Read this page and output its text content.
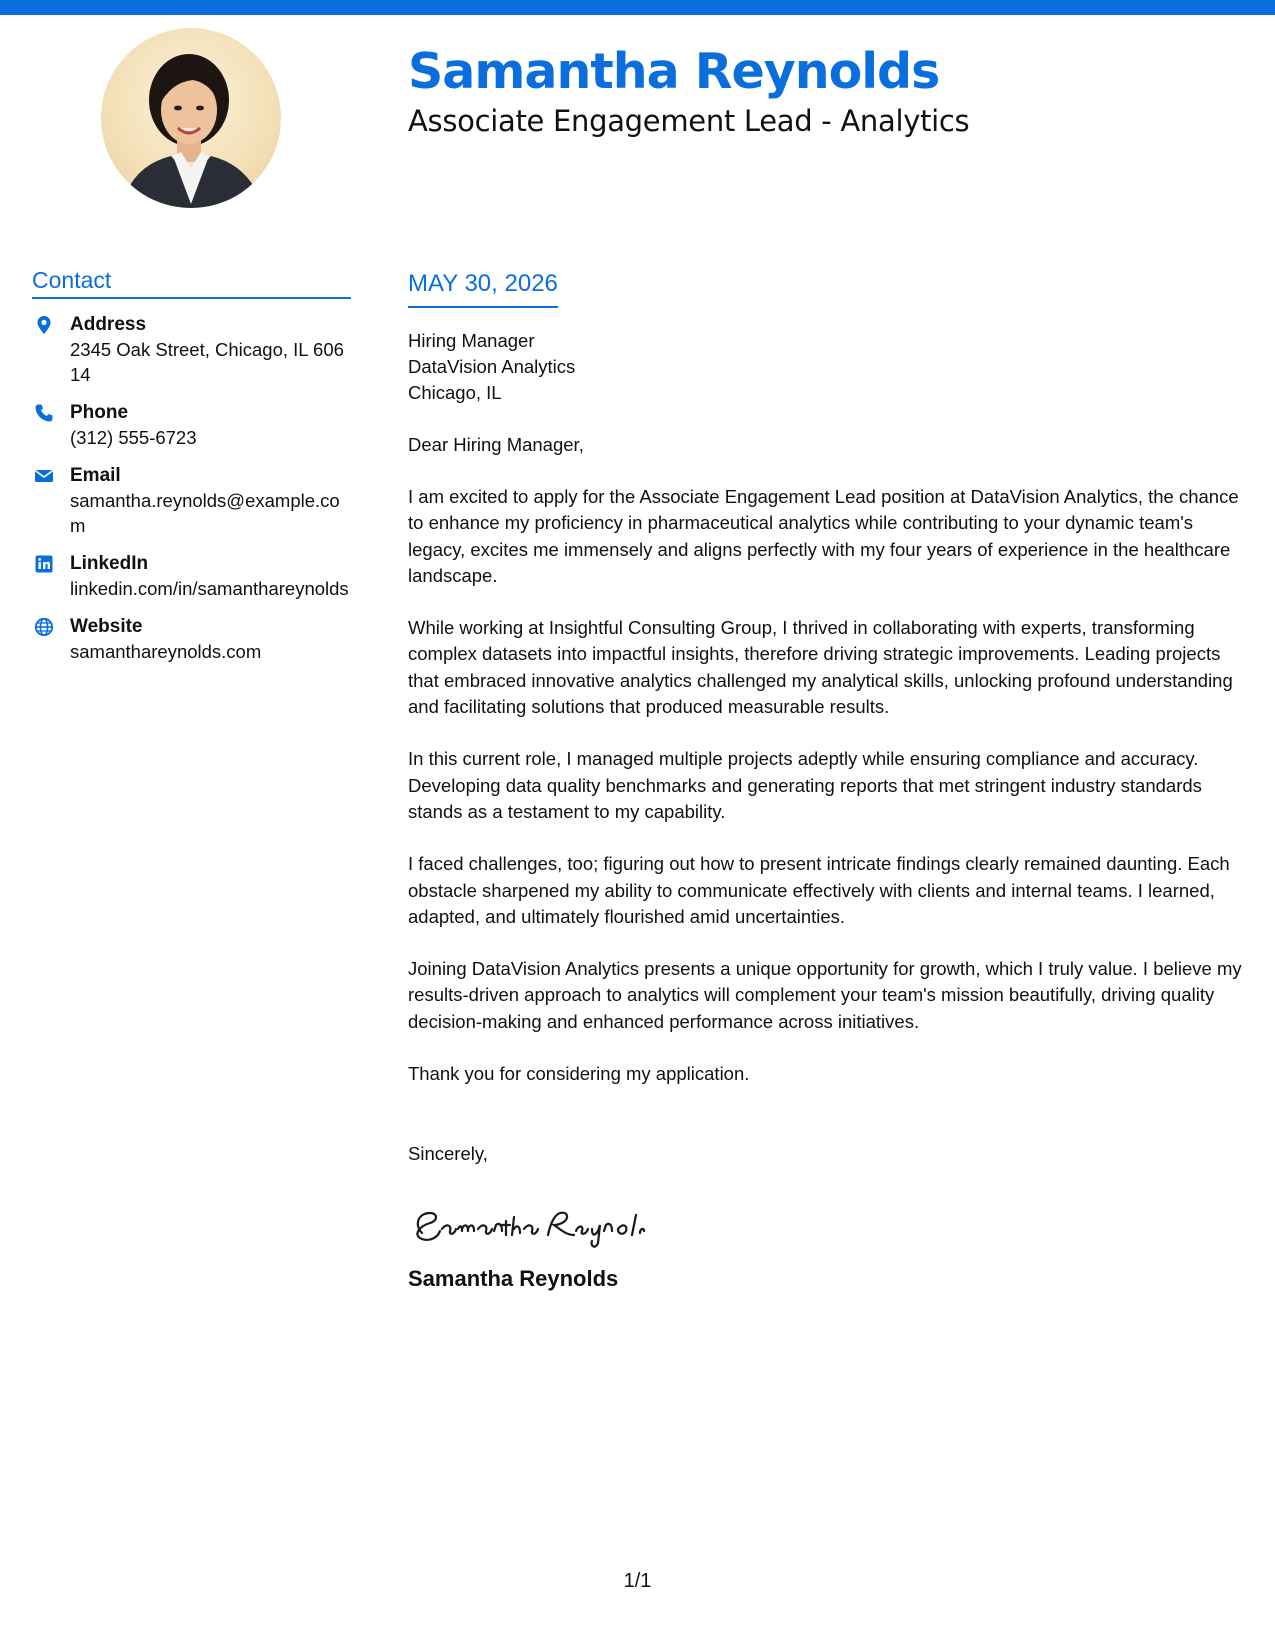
Samantha Reynolds
Associate Engagement Lead - Analytics
Contact
Address
2345 Oak Street, Chicago, IL 60614
Phone
(312) 555-6723
Email
samantha.reynolds@example.com
LinkedIn
linkedin.com/in/samanthareynolds
Website
samanthareynolds.com
MAY 30, 2026
Hiring Manager
DataVision Analytics
Chicago, IL
Dear Hiring Manager,
I am excited to apply for the Associate Engagement Lead position at DataVision Analytics, the chance to enhance my proficiency in pharmaceutical analytics while contributing to your dynamic team's legacy, excites me immensely and aligns perfectly with my four years of experience in the healthcare landscape.
While working at Insightful Consulting Group, I thrived in collaborating with experts, transforming complex datasets into impactful insights, therefore driving strategic improvements. Leading projects that embraced innovative analytics challenged my analytical skills, unlocking profound understanding and facilitating solutions that produced measurable results.
In this current role, I managed multiple projects adeptly while ensuring compliance and accuracy. Developing data quality benchmarks and generating reports that met stringent industry standards stands as a testament to my capability.
I faced challenges, too; figuring out how to present intricate findings clearly remained daunting. Each obstacle sharpened my ability to communicate effectively with clients and internal teams. I learned, adapted, and ultimately flourished amid uncertainties.
Joining DataVision Analytics presents a unique opportunity for growth, which I truly value. I believe my results-driven approach to analytics will complement your team's mission beautifully, driving quality decision-making and enhanced performance across initiatives.
Thank you for considering my application.
Sincerely,
Samantha Reynolds
1/1
